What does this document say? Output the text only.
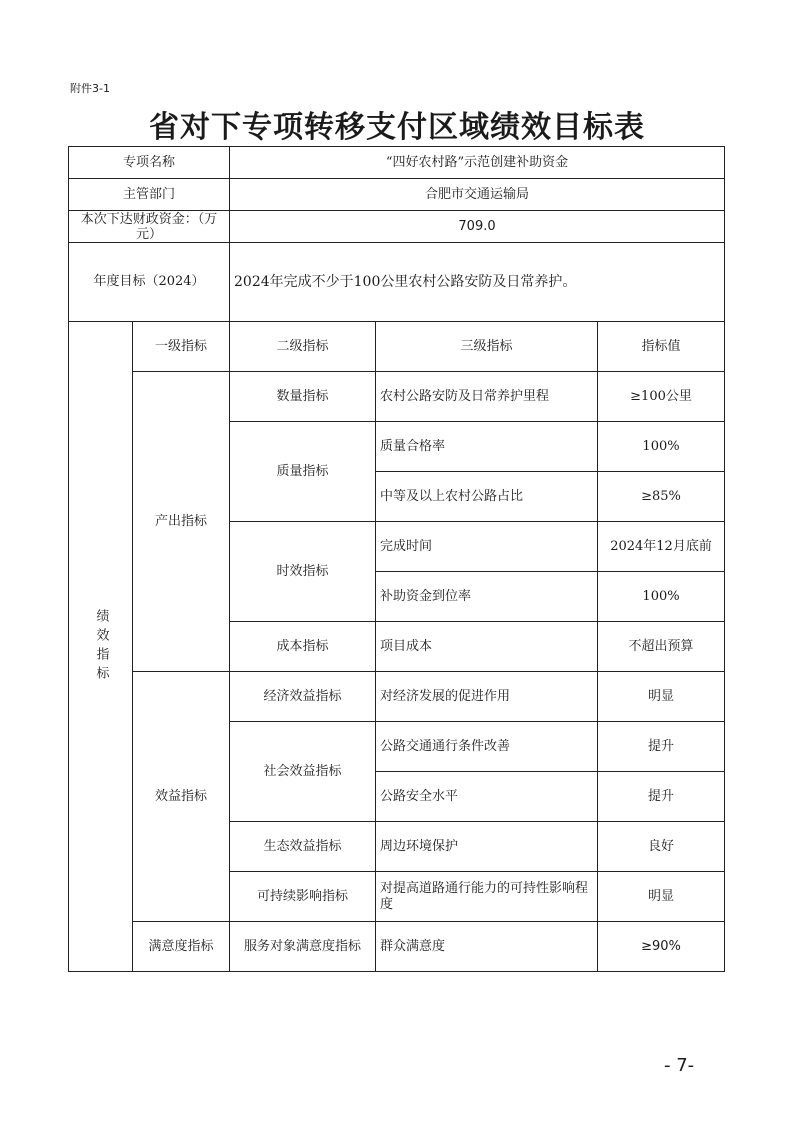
附件3-1
省对下专项转移支付区域绩效目标表
专项名称		“四好农村路”示范创建补助资金		
主管部门		合肥市交通运输局		
本次下达财政资金：（万元）		709.0		
年度目标（2024）		2024年完成不少于100公里农村公路安防及日常养护。		

绩效指标	一级指标	二级指标	三级指标	指标值
	产出指标	数量指标	农村公路安防及日常养护里程	≥100公里
		质量指标	质量合格率	100%
			中等及以上农村公路占比	≥85%
		时效指标	完成时间	2024年12月底前
			补助资金到位率	100%
		成本指标	项目成本	不超出预算
	效益指标	经济效益指标	对经济发展的促进作用	明显
		社会效益指标	公路交通通行条件改善	提升
			公路安全水平	提升
		生态效益指标	周边环境保护	良好
		可持续影响指标	对提高道路通行能力的可持性影响程度	明显
	满意度指标	服务对象满意度指标	群众满意度	≥90%
- 7-
